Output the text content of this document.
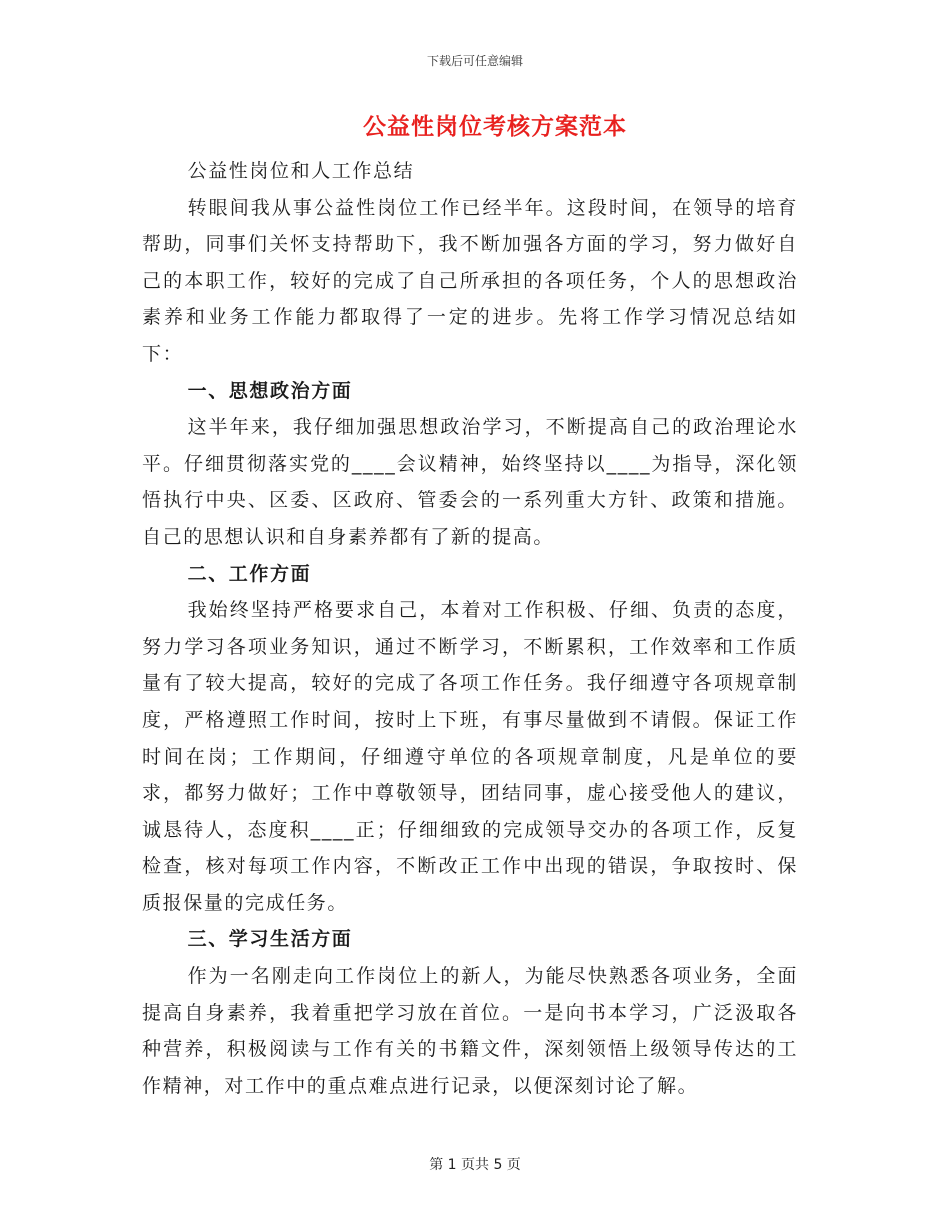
下载后可任意编辑
公益性岗位考核方案范本

公益性岗位和人工作总结

转眼间我从事公益性岗位工作已经半年。这段时间，在领导的培育帮助，同事们关怀支持帮助下，我不断加强各方面的学习，努力做好自己的本职工作，较好的完成了自己所承担的各项任务，个人的思想政治素养和业务工作能力都取得了一定的进步。先将工作学习情况总结如下：

一、思想政治方面

这半年来，我仔细加强思想政治学习，不断提高自己的政治理论水平。仔细贯彻落实党的____会议精神，始终坚持以____为指导，深化领悟执行中央、区委、区政府、管委会的一系列重大方针、政策和措施。自己的思想认识和自身素养都有了新的提高。

二、工作方面

我始终坚持严格要求自己，本着对工作积极、仔细、负责的态度，努力学习各项业务知识，通过不断学习，不断累积，工作效率和工作质量有了较大提高，较好的完成了各项工作任务。我仔细遵守各项规章制度，严格遵照工作时间，按时上下班，有事尽量做到不请假。保证工作时间在岗；工作期间，仔细遵守单位的各项规章制度，凡是单位的要求，都努力做好；工作中尊敬领导，团结同事，虚心接受他人的建议，诚恳待人，态度积____正；仔细细致的完成领导交办的各项工作，反复检查，核对每项工作内容，不断改正工作中出现的错误，争取按时、保质报保量的完成任务。

三、学习生活方面

作为一名刚走向工作岗位上的新人，为能尽快熟悉各项业务，全面提高自身素养，我着重把学习放在首位。一是向书本学习，广泛汲取各种营养，积极阅读与工作有关的书籍文件，深刻领悟上级领导传达的工作精神，对工作中的重点难点进行记录，以便深刻讨论了解。

第 1 页共 5 页
